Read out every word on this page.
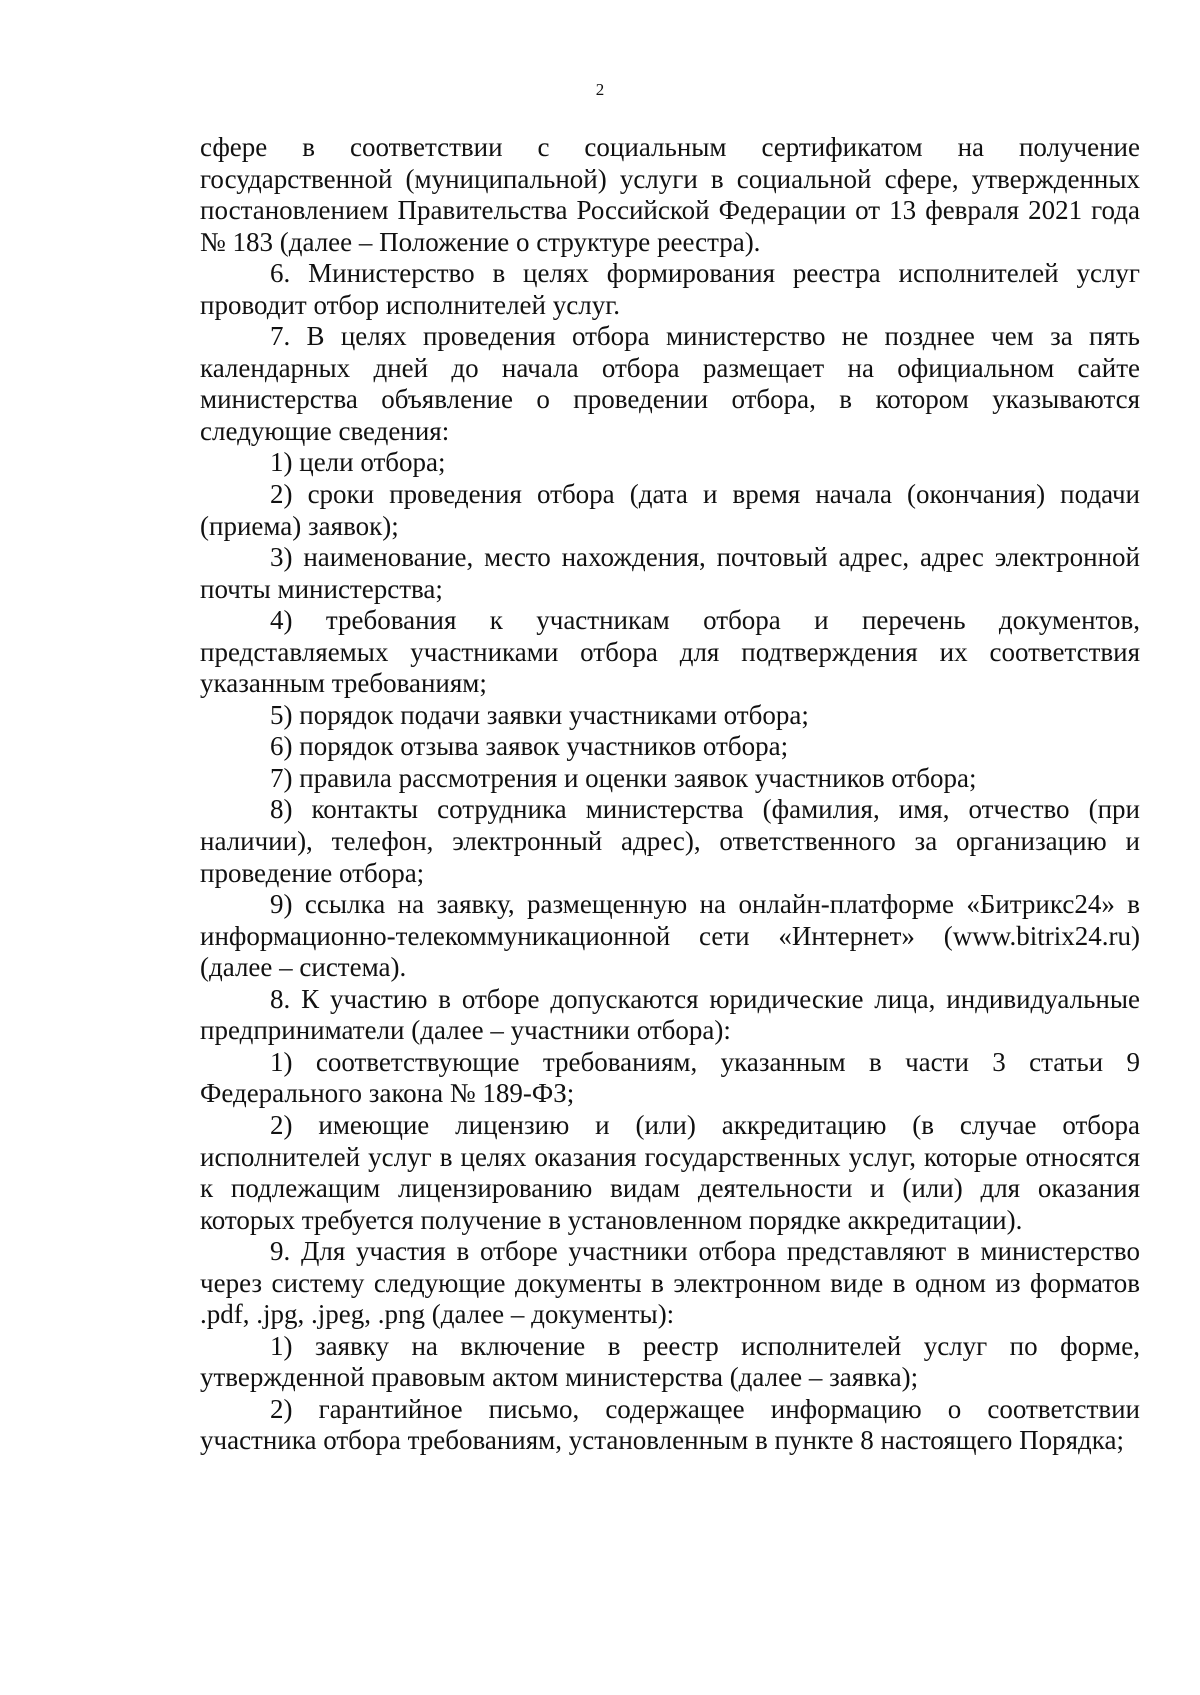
2

сфере в соответствии с социальным сертификатом на получение государственной (муниципальной) услуги в социальной сфере, утвержденных постановлением Правительства Российской Федерации от 13 февраля 2021 года № 183 (далее – Положение о структуре реестра).

6. Министерство в целях формирования реестра исполнителей услуг проводит отбор исполнителей услуг.

7. В целях проведения отбора министерство не позднее чем за пять календарных дней до начала отбора размещает на официальном сайте министерства объявление о проведении отбора, в котором указываются следующие сведения:

1) цели отбора;

2) сроки проведения отбора (дата и время начала (окончания) подачи (приема) заявок);

3) наименование, место нахождения, почтовый адрес, адрес электронной почты министерства;

4) требования к участникам отбора и перечень документов, представляемых участниками отбора для подтверждения их соответствия указанным требованиям;

5) порядок подачи заявки участниками отбора;

6) порядок отзыва заявок участников отбора;

7) правила рассмотрения и оценки заявок участников отбора;

8) контакты сотрудника министерства (фамилия, имя, отчество (при наличии), телефон, электронный адрес), ответственного за организацию и проведение отбора;

9) ссылка на заявку, размещенную на онлайн-платформе «Битрикс24» в информационно-телекоммуникационной сети «Интернет» (www.bitrix24.ru) (далее – система).

8. К участию в отборе допускаются юридические лица, индивидуальные предприниматели (далее – участники отбора):

1) соответствующие требованиям, указанным в части 3 статьи 9 Федерального закона № 189-ФЗ;

2) имеющие лицензию и (или) аккредитацию (в случае отбора исполнителей услуг в целях оказания государственных услуг, которые относятся к подлежащим лицензированию видам деятельности и (или) для оказания которых требуется получение в установленном порядке аккредитации).

9. Для участия в отборе участники отбора представляют в министерство через систему следующие документы в электронном виде в одном из форматов .pdf, .jpg, .jpeg, .png (далее – документы):

1) заявку на включение в реестр исполнителей услуг по форме, утвержденной правовым актом министерства (далее – заявка);

2) гарантийное письмо, содержащее информацию о соответствии участника отбора требованиям, установленным в пункте 8 настоящего Порядка;
